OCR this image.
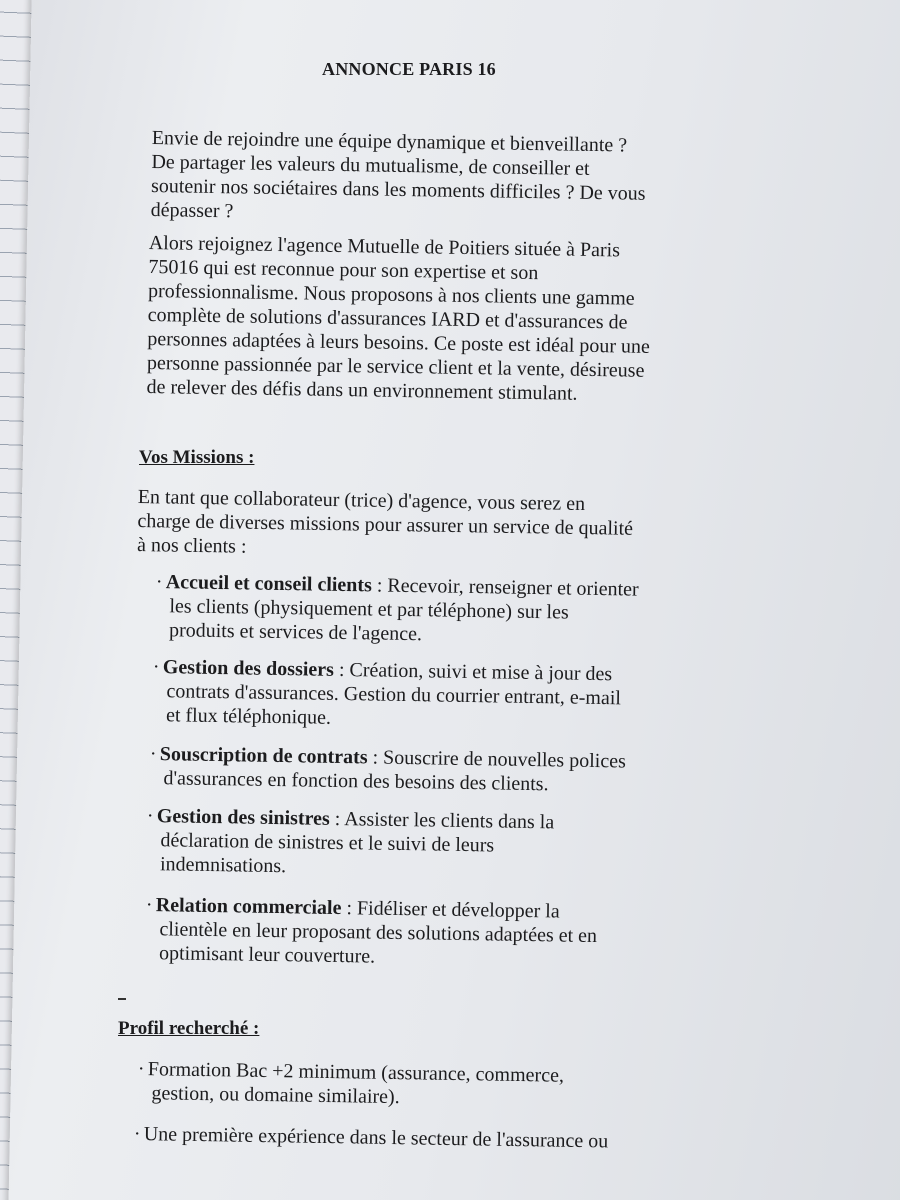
ANNONCE PARIS 16

Envie de rejoindre une équipe dynamique et bienveillante ?
De partager les valeurs du mutualisme, de conseiller et
soutenir nos sociétaires dans les moments difficiles ? De vous
dépasser ?

Alors rejoignez l'agence Mutuelle de Poitiers située à Paris
75016 qui est reconnue pour son expertise et son
professionnalisme. Nous proposons à nos clients une gamme
complète de solutions d'assurances IARD et d'assurances de
personnes adaptées à leurs besoins. Ce poste est idéal pour une
personne passionnée par le service client et la vente, désireuse
de relever des défis dans un environnement stimulant.

Vos Missions :

En tant que collaborateur (trice) d'agence, vous serez en
charge de diverses missions pour assurer un service de qualité
à nos clients :

· Accueil et conseil clients : Recevoir, renseigner et orienter
les clients (physiquement et par téléphone) sur les
produits et services de l'agence.

· Gestion des dossiers : Création, suivi et mise à jour des
contrats d'assurances. Gestion du courrier entrant, e-mail
et flux téléphonique.

· Souscription de contrats : Souscrire de nouvelles polices
d'assurances en fonction des besoins des clients.

· Gestion des sinistres : Assister les clients dans la
déclaration de sinistres et le suivi de leurs
indemnisations.

· Relation commerciale : Fidéliser et développer la
clientèle en leur proposant des solutions adaptées et en
optimisant leur couverture.

Profil recherché :

· Formation Bac +2 minimum (assurance, commerce,
gestion, ou domaine similaire).

· Une première expérience dans le secteur de l'assurance ou
